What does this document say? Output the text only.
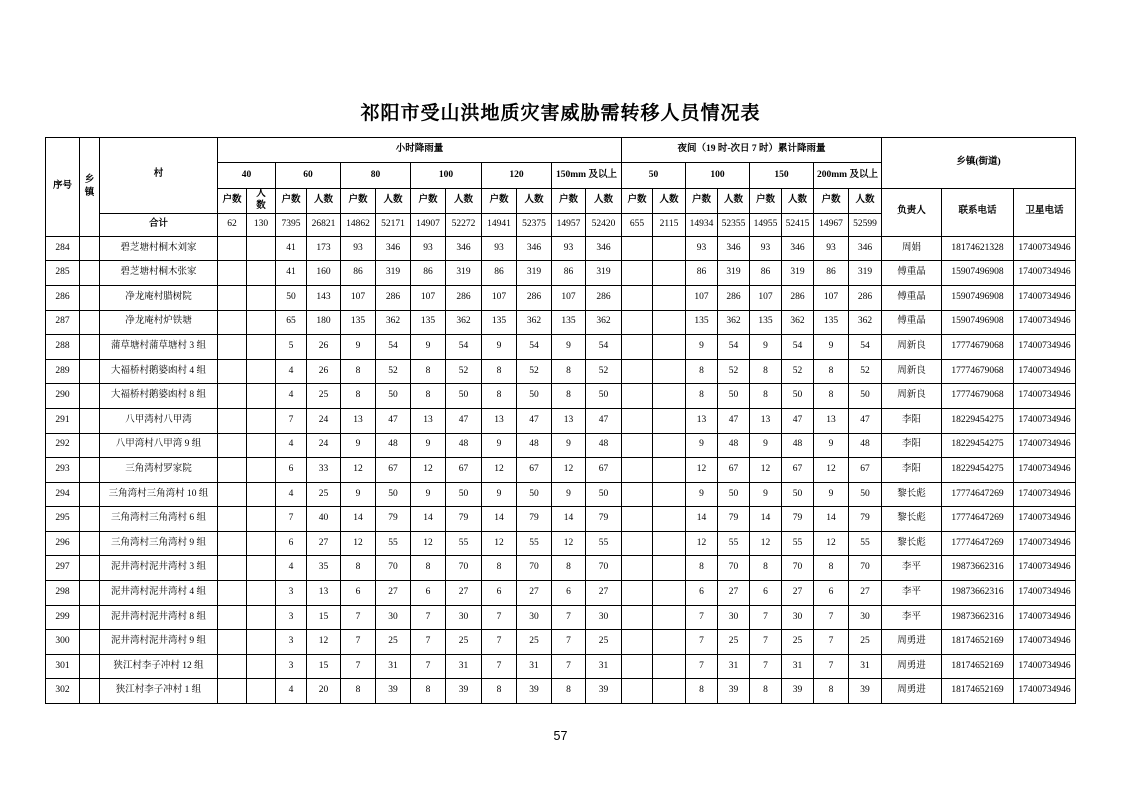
祁阳市受山洪地质灾害威胁需转移人员情况表
序号	乡镇	村	小时降雨量												夜间（19 时-次日 7 时）累计降雨量								乡镇(街道)		
			40		60		80		100		120		150mm 及以上		50		100		150		200mm 及以上				
			户数	人数	户数	人数	户数	人数	户数	人数	户数	人数	户数	人数	户数	人数	户数	人数	户数	人数	户数	人数	负责人	联系电话	卫星电话
		合计	62	130	7395	26821	14862	52171	14907	52272	14941	52375	14957	52420	655	2115	14934	52355	14955	52415	14967	52599			
284		碧芝塘村桐木刘家			41	173	93	346	93	346	93	346	93	346			93	346	93	346	93	346	周娟	18174621328	17400734946
285		碧芝塘村桐木张家			41	160	86	319	86	319	86	319	86	319			86	319	86	319	86	319	傅重晶	15907496908	17400734946
286		净龙庵村腊树院			50	143	107	286	107	286	107	286	107	286			107	286	107	286	107	286	傅重晶	15907496908	17400734946
287		净龙庵村炉铁塘			65	180	135	362	135	362	135	362	135	362			135	362	135	362	135	362	傅重晶	15907496908	17400734946
288		蒲草塘村蒲草塘村 3 组			5	26	9	54	9	54	9	54	9	54			9	54	9	54	9	54	周新良	17774679068	17400734946
289		大福桥村鹅婆凼村 4 组			4	26	8	52	8	52	8	52	8	52			8	52	8	52	8	52	周新良	17774679068	17400734946
290		大福桥村鹅婆凼村 8 组			4	25	8	50	8	50	8	50	8	50			8	50	8	50	8	50	周新良	17774679068	17400734946
291		八甲湾村八甲湾			7	24	13	47	13	47	13	47	13	47			13	47	13	47	13	47	李阳	18229454275	17400734946
292		八甲湾村八甲湾 9 组			4	24	9	48	9	48	9	48	9	48			9	48	9	48	9	48	李阳	18229454275	17400734946
293		三角湾村罗家院			6	33	12	67	12	67	12	67	12	67			12	67	12	67	12	67	李阳	18229454275	17400734946
294		三角湾村三角湾村 10 组			4	25	9	50	9	50	9	50	9	50			9	50	9	50	9	50	黎长彪	17774647269	17400734946
295		三角湾村三角湾村 6 组			7	40	14	79	14	79	14	79	14	79			14	79	14	79	14	79	黎长彪	17774647269	17400734946
296		三角湾村三角湾村 9 组			6	27	12	55	12	55	12	55	12	55			12	55	12	55	12	55	黎长彪	17774647269	17400734946
297		泥井湾村泥井湾村 3 组			4	35	8	70	8	70	8	70	8	70			8	70	8	70	8	70	李平	19873662316	17400734946
298		泥井湾村泥井湾村 4 组			3	13	6	27	6	27	6	27	6	27			6	27	6	27	6	27	李平	19873662316	17400734946
299		泥井湾村泥井湾村 8 组			3	15	7	30	7	30	7	30	7	30			7	30	7	30	7	30	李平	19873662316	17400734946
300		泥井湾村泥井湾村 9 组			3	12	7	25	7	25	7	25	7	25			7	25	7	25	7	25	周勇进	18174652169	17400734946
301		狭江村李子冲村 12 组			3	15	7	31	7	31	7	31	7	31			7	31	7	31	7	31	周勇进	18174652169	17400734946
302		狭江村李子冲村 1 组			4	20	8	39	8	39	8	39	8	39			8	39	8	39	8	39	周勇进	18174652169	17400734946
57
